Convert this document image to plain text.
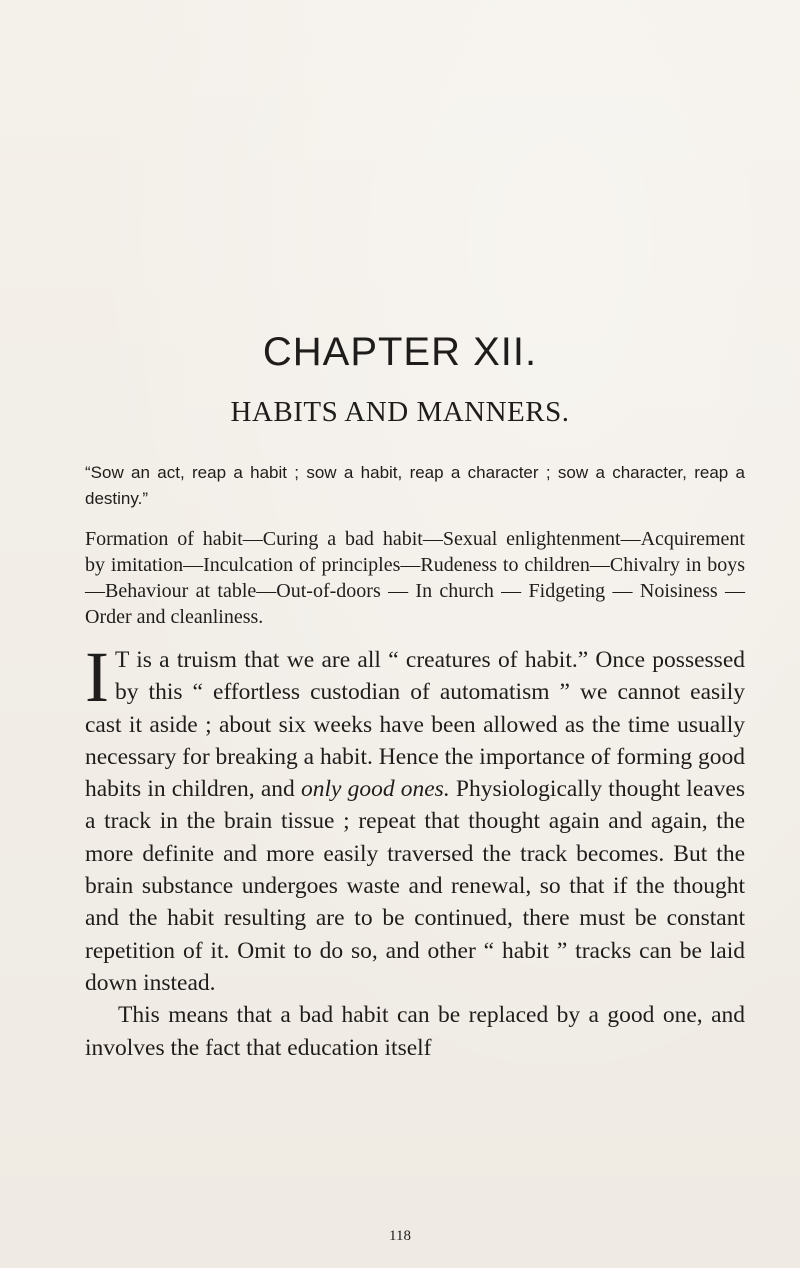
CHAPTER XII.
HABITS AND MANNERS.

“Sow an act, reap a habit ; sow a habit, reap a character ; sow a character, reap a destiny.”

Formation of habit—Curing a bad habit—Sexual enlightenment—Acquirement by imitation—Inculcation of principles—Rudeness to children—Chivalry in boys—Behaviour at table—Out-of-doors — In church — Fidgeting — Noisiness — Order and cleanliness.

I T is a truism that we are all “ creatures of habit.” Once possessed by this “ effortless custodian of automatism ” we cannot easily cast it aside ; about six weeks have been allowed as the time usually necessary for breaking a habit. Hence the importance of forming good habits in children, and only good ones. Physiologically thought leaves a track in the brain tissue ; repeat that thought again and again, the more definite and more easily traversed the track becomes. But the brain substance undergoes waste and renewal, so that if the thought and the habit resulting are to be continued, there must be constant repetition of it. Omit to do so, and other “ habit ” tracks can be laid down instead.

This means that a bad habit can be replaced by a good one, and involves the fact that education itself

118
